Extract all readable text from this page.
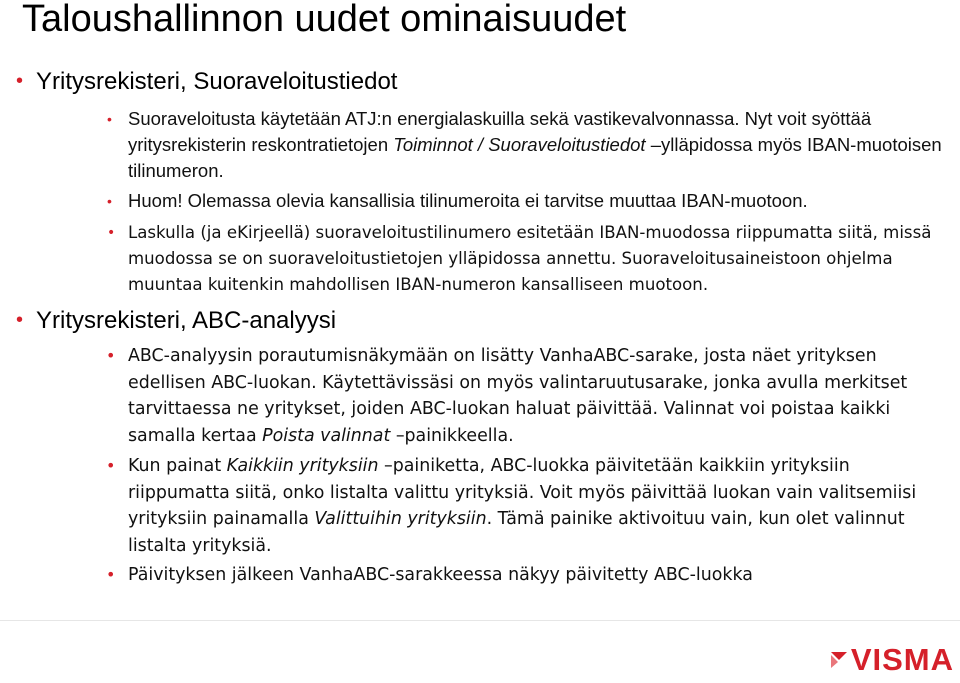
Taloushallinnon uudet ominaisuudet
• Yritysrekisteri, Suoraveloitustiedot
• Suoraveloitusta käytetään ATJ:n energialaskuilla sekä vastikevalvonnassa. Nyt voit syöttää yritysrekisterin reskontratietojen Toiminnot / Suoraveloitustiedot –ylläpidossa myös IBAN-muotoisen tilinumeron.
• Huom! Olemassa olevia kansallisia tilinumeroita ei tarvitse muuttaa IBAN-muotoon.
• Laskulla (ja eKirjeellä) suoraveloitustilinumero esitetään IBAN-muodossa riippumatta siitä, missä muodossa se on suoraveloitustietojen ylläpidossa annettu. Suoraveloitusaineistoon ohjelma muuntaa kuitenkin mahdollisen IBAN-numeron kansalliseen muotoon.
• Yritysrekisteri, ABC-analyysi
• ABC-analyysin porautumisnäkymään on lisätty VanhaABC-sarake, josta näet yrityksen edellisen ABC-luokan. Käytettävissäsi on myös valintaruutusarake, jonka avulla merkitset tarvittaessa ne yritykset, joiden ABC-luokan haluat päivittää. Valinnat voi poistaa kaikki samalla kertaa Poista valinnat –painikkeella.
• Kun painat Kaikkiin yrityksiin –painiketta, ABC-luokka päivitetään kaikkiin yrityksiin riippumatta siitä, onko listalta valittu yrityksiä. Voit myös päivittää luokan vain valitsemiisi yrityksiin painamalla Valittuihin yrityksiin. Tämä painike aktivoituu vain, kun olet valinnut listalta yrityksiä.
• Päivityksen jälkeen VanhaABC-sarakkeessa näkyy päivitetty ABC-luokka
VISMA
